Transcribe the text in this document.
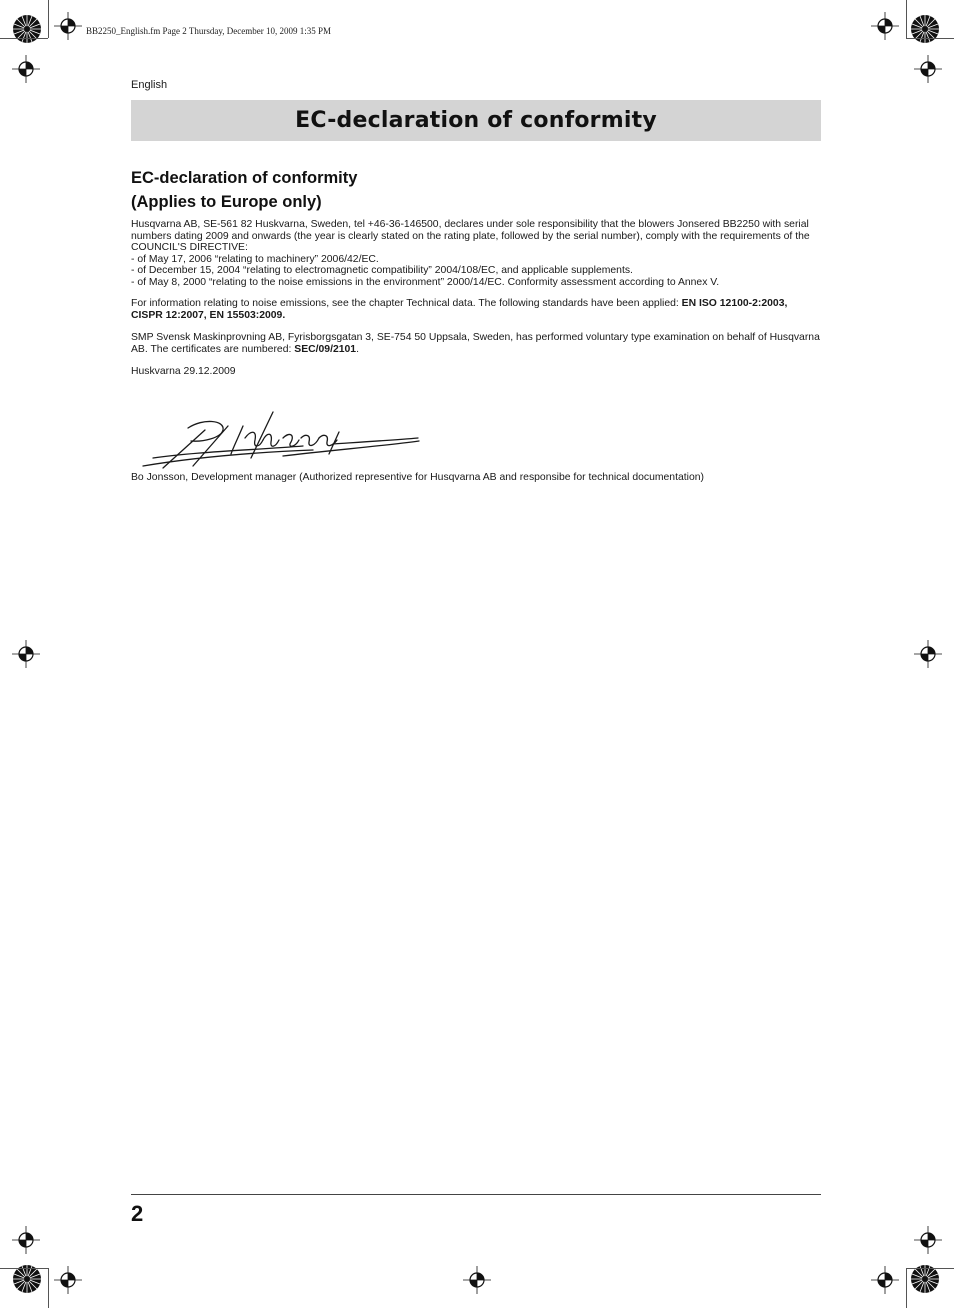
BB2250_English.fm Page 2 Thursday, December 10, 2009 1:35 PM
English
EC-declaration of conformity
EC-declaration of conformity
(Applies to Europe only)

Husqvarna AB, SE-561 82 Huskvarna, Sweden, tel +46-36-146500, declares under sole responsibility that the blowers Jonsered BB2250 with serial numbers dating 2009 and onwards (the year is clearly stated on the rating plate, followed by the serial number), comply with the requirements of the COUNCIL'S DIRECTIVE:

- of May 17, 2006 “relating to machinery” 2006/42/EC.

- of December 15, 2004 “relating to electromagnetic compatibility” 2004/108/EC, and applicable supplements.

- of May 8, 2000 “relating to the noise emissions in the environment” 2000/14/EC. Conformity assessment according to Annex V.

For information relating to noise emissions, see the chapter Technical data. The following standards have been applied: EN ISO 12100-2:2003, CISPR 12:2007, EN 15503:2009.
SMP Svensk Maskinprovning AB, Fyrisborgsgatan 3, SE-754 50 Uppsala, Sweden, has performed voluntary type examination on behalf of Husqvarna AB. The certificates are numbered: SEC/09/2101.
Huskvarna 29.12.2009
Bo Jonsson, Development manager (Authorized representive for Husqvarna AB and responsibe for technical documentation)
2
